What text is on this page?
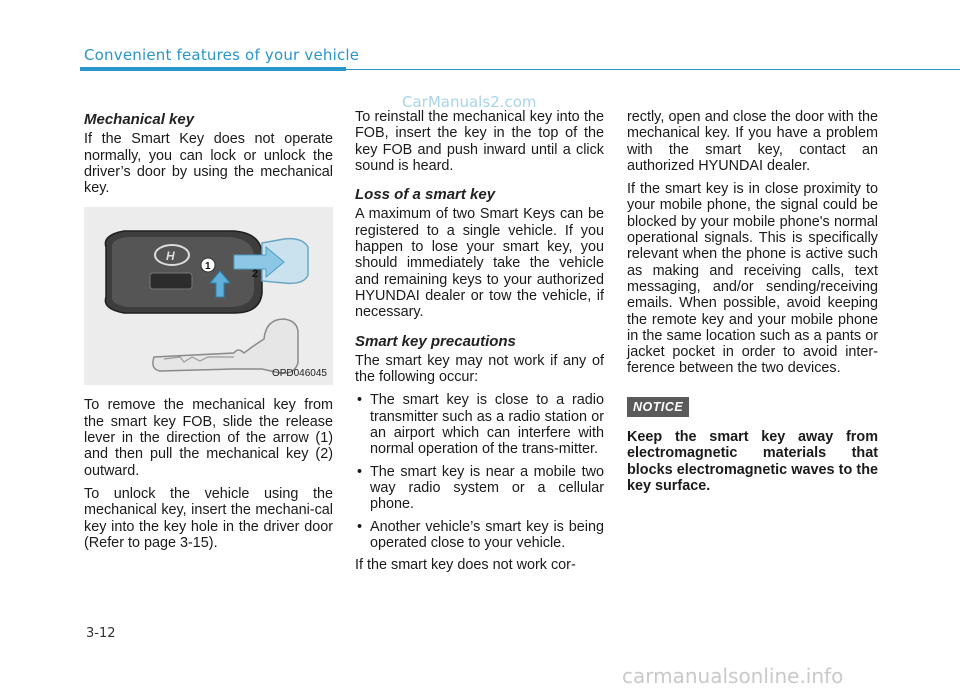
Convenient features of your vehicle
CarManuals2.com
Mechanical key

If the Smart Key does not operate normally, you can lock or unlock the driver’s door by using the mechanical key.

H
1
2
OPD046045

To remove the mechanical key from the smart key FOB, slide the release lever in the direction of the arrow (1) and then pull the mechanical key (2) outward.

To unlock the vehicle using the mechanical key, insert the mechani-cal key into the key hole in the driver door (Refer to page 3-15).

To reinstall the mechanical key into the FOB, insert the key in the top of the key FOB and push inward until a click sound is heard.

Loss of a smart key

A maximum of two Smart Keys can be registered to a single vehicle. If you happen to lose your smart key, you should immediately take the vehicle and remaining keys to your authorized HYUNDAI dealer or tow the vehicle, if necessary.

Smart key precautions

The smart key may not work if any of the following occur:

• The smart key is close to a radio transmitter such as a radio station or an airport which can interfere with normal operation of the trans-mitter.
• The smart key is near a mobile two way radio system or a cellular phone.
• Another vehicle’s smart key is being operated close to your vehicle.

If the smart key does not work cor-

rectly, open and close the door with the mechanical key. If you have a problem with the smart key, contact an authorized HYUNDAI dealer.

If the smart key is in close proximity to your mobile phone, the signal could be blocked by your mobile phone's normal operational signals. This is specifically relevant when the phone is active such as making and receiving calls, text messaging, and/or sending/receiving emails. When possible, avoid keeping the remote key and your mobile phone in the same location such as a pants or jacket pocket in order to avoid inter-ference between the two devices.

NOTICE
Keep the smart key away from electromagnetic materials that blocks electromagnetic waves to the key surface.
3-12
carmanualsonline.info
